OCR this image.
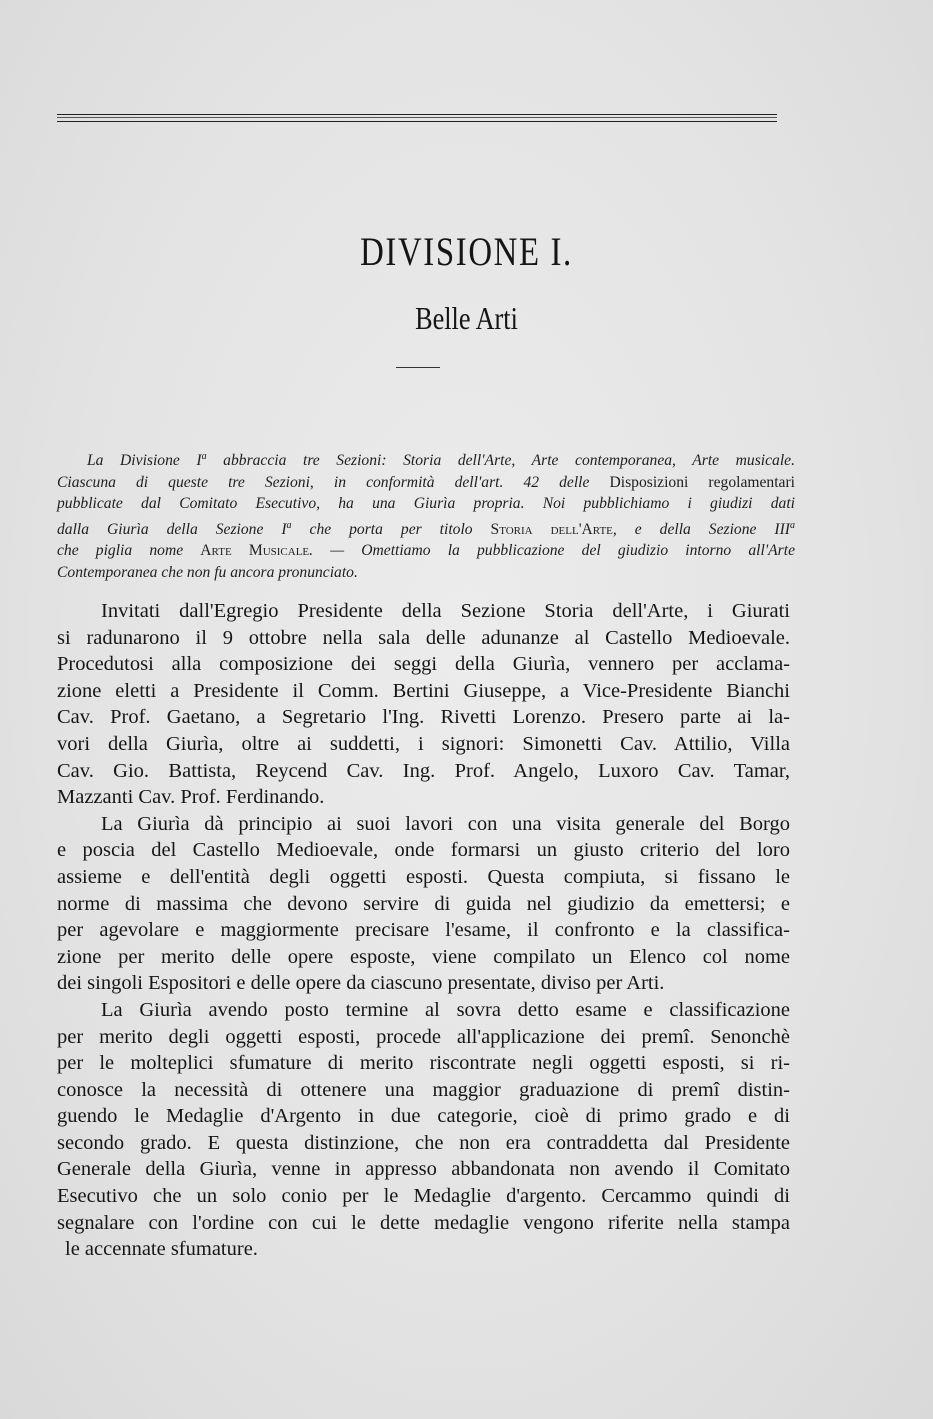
DIVISIONE I.
Belle Arti
La Divisione $I^a$ abbraccia tre Sezioni: Storia dell'Arte, Arte contemporanea, Arte musicale.
Ciascuna di queste tre Sezioni, in conformità dell'art. 42 delle Disposizioni regolamentari
pubblicate dal Comitato Esecutivo, ha una Giurìa propria. Noi pubblichiamo i giudizi dati
dalla Giurìa della Sezione $I^a$ che porta per titolo Storia dell'Arte, e della Sezione III$^a$
che piglia nome Arte Musicale. — Omettiamo la pubblicazione del giudizio intorno all'Arte
Contemporanea che non fu ancora pronunciato.
Invitati dall'Egregio Presidente della Sezione Storia dell'Arte, i Giurati
si radunarono il 9 ottobre nella sala delle adunanze al Castello Medioevale.
Procedutosi alla composizione dei seggi della Giurìa, vennero per acclama-
zione eletti a Presidente il Comm. Bertini Giuseppe, a Vice-Presidente Bianchi
Cav. Prof. Gaetano, a Segretario l'Ing. Rivetti Lorenzo. Presero parte ai la-
vori della Giurìa, oltre ai suddetti, i signori: Simonetti Cav. Attilio, Villa
Cav. Gio. Battista, Reycend Cav. Ing. Prof. Angelo, Luxoro Cav. Tamar,
Mazzanti Cav. Prof. Ferdinando.
La Giurìa dà principio ai suoi lavori con una visita generale del Borgo
e poscia del Castello Medioevale, onde formarsi un giusto criterio del loro
assieme e dell'entità degli oggetti esposti. Questa compiuta, si fissano le
norme di massima che devono servire di guida nel giudizio da emettersi; e
per agevolare e maggiormente precisare l'esame, il confronto e la classifica-
zione per merito delle opere esposte, viene compilato un Elenco col nome
dei singoli Espositori e delle opere da ciascuno presentate, diviso per Arti.
La Giurìa avendo posto termine al sovra detto esame e classificazione
per merito degli oggetti esposti, procede all'applicazione dei premî. Senonchè
per le molteplici sfumature di merito riscontrate negli oggetti esposti, si ri-
conosce la necessità di ottenere una maggior graduazione di premî distin-
guendo le Medaglie d'Argento in due categorie, cioè di primo grado e di
secondo grado. E questa distinzione, che non era contraddetta dal Presidente
Generale della Giurìa, venne in appresso abbandonata non avendo il Comitato
Esecutivo che un solo conio per le Medaglie d'argento. Cercammo quindi di
segnalare con l'ordine con cui le dette medaglie vengono riferite nella stampa
le accennate sfumature.
